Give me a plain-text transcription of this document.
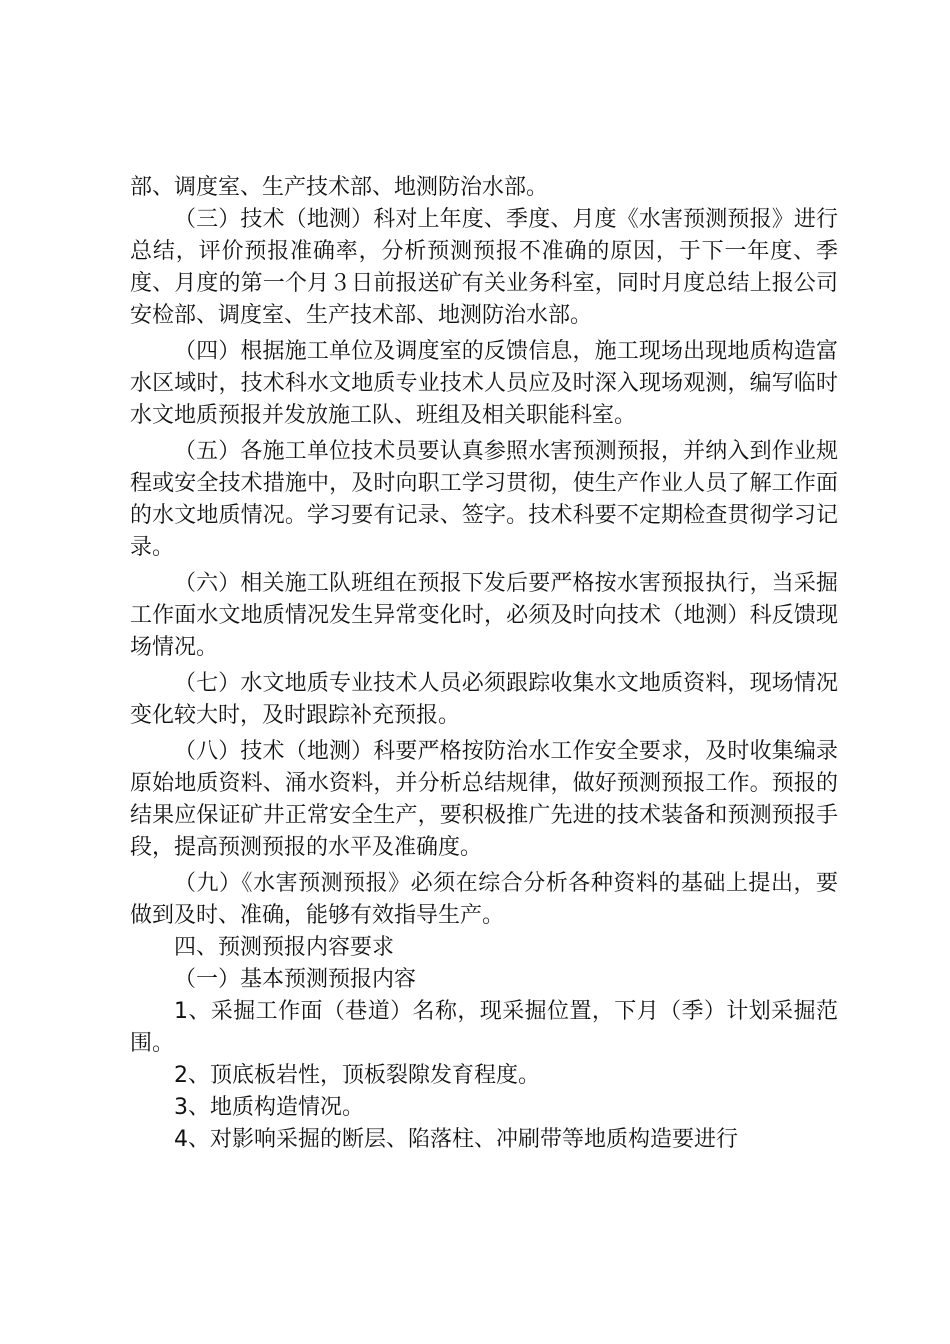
部、调度室、生产技术部、地测防治水部。

（三）技术（地测）科对上年度、季度、月度《水害预测预报》进行总结，评价预报准确率，分析预测预报不准确的原因，于下一年度、季度、月度的第一个月３日前报送矿有关业务科室，同时月度总结上报公司安检部、调度室、生产技术部、地测防治水部。

（四）根据施工单位及调度室的反馈信息，施工现场出现地质构造富水区域时，技术科水文地质专业技术人员应及时深入现场观测，编写临时水文地质预报并发放施工队、班组及相关职能科室。

（五）各施工单位技术员要认真参照水害预测预报，并纳入到作业规程或安全技术措施中，及时向职工学习贯彻，使生产作业人员了解工作面的水文地质情况。学习要有记录、签字。技术科要不定期检查贯彻学习记录。

（六）相关施工队班组在预报下发后要严格按水害预报执行，当采掘工作面水文地质情况发生异常变化时，必须及时向技术（地测）科反馈现场情况。

（七）水文地质专业技术人员必须跟踪收集水文地质资料，现场情况变化较大时，及时跟踪补充预报。

（八）技术（地测）科要严格按防治水工作安全要求，及时收集编录原始地质资料、涌水资料，并分析总结规律，做好预测预报工作。预报的结果应保证矿井正常安全生产，要积极推广先进的技术装备和预测预报手段，提高预测预报的水平及准确度。

（九）《水害预测预报》必须在综合分析各种资料的基础上提出，要做到及时、准确，能够有效指导生产。

四、预测预报内容要求

（一）基本预测预报内容

1、采掘工作面（巷道）名称，现采掘位置，下月（季）计划采掘范围。

2、顶底板岩性，顶板裂隙发育程度。

3、地质构造情况。

4、对影响采掘的断层、陷落柱、冲刷带等地质构造要进行
